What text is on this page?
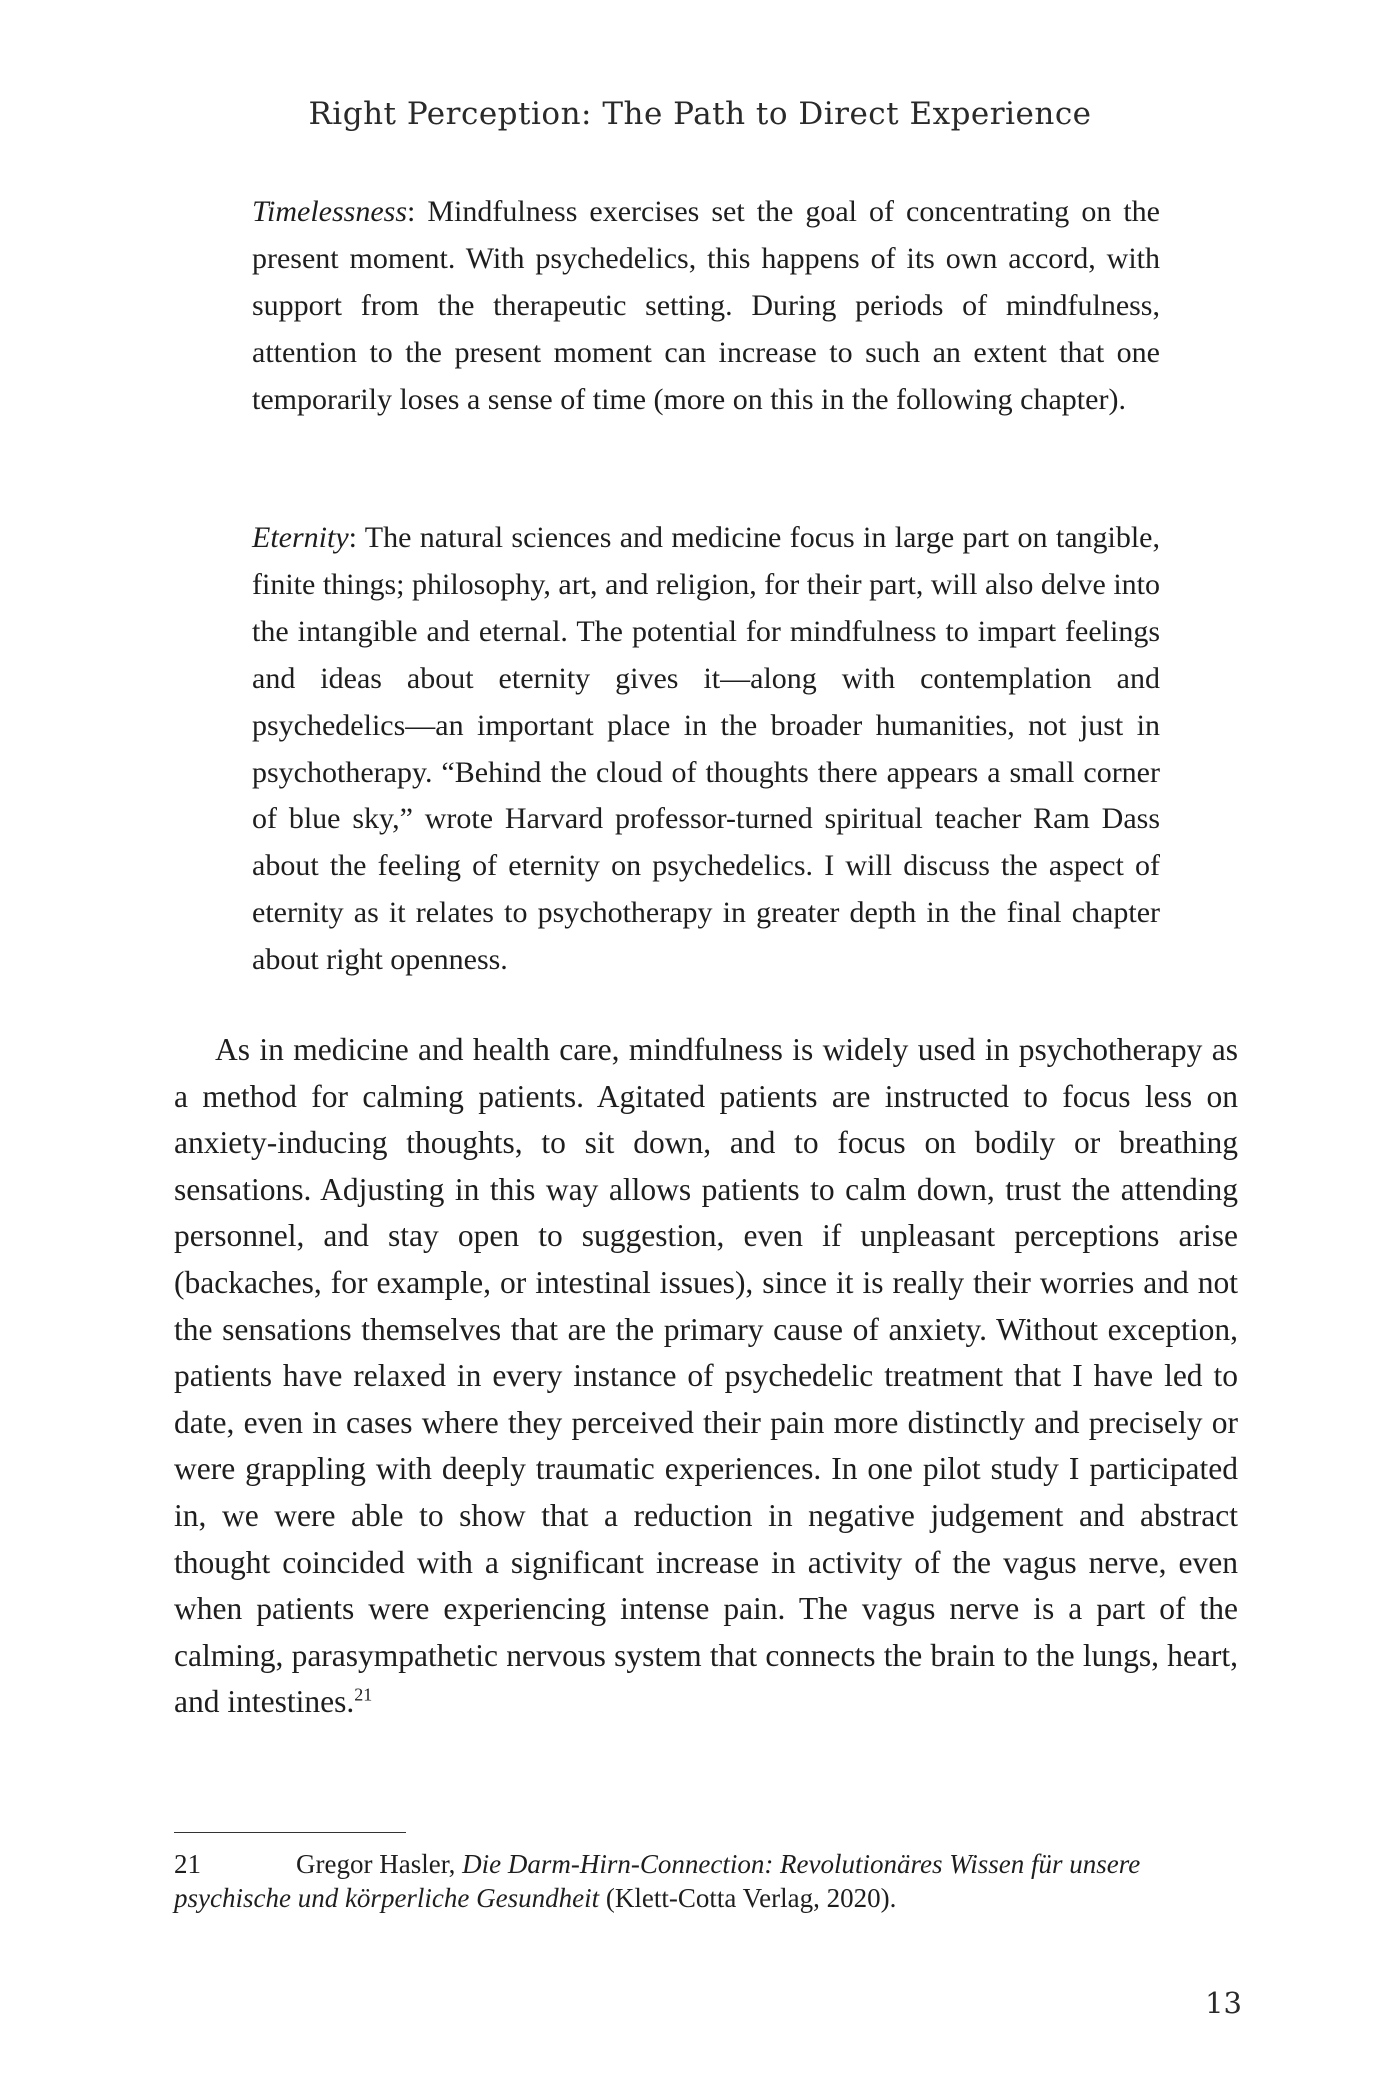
Right Perception: The Path to Direct Experience

Timelessness: Mindfulness exercises set the goal of concentrating on the present moment. With psychedelics, this happens of its own accord, with support from the therapeutic setting. During periods of mindfulness, attention to the present moment can increase to such an extent that one temporarily loses a sense of time (more on this in the following chapter).

Eternity: The natural sciences and medicine focus in large part on tangible, finite things; philosophy, art, and religion, for their part, will also delve into the intangible and eternal. The potential for mindfulness to impart feelings and ideas about eternity gives it—along with contemplation and psychedelics—an important place in the broader humanities, not just in psychotherapy. “Behind the cloud of thoughts there appears a small corner of blue sky,” wrote Harvard professor-turned spiritual teacher Ram Dass about the feeling of eternity on psychedelics. I will discuss the aspect of eternity as it relates to psychotherapy in greater depth in the final chapter about right openness.

As in medicine and health care, mindfulness is widely used in psychotherapy as a method for calming patients. Agitated patients are instructed to focus less on anxiety-inducing thoughts, to sit down, and to focus on bodily or breathing sensations. Adjusting in this way allows patients to calm down, trust the attending personnel, and stay open to suggestion, even if unpleasant perceptions arise (backaches, for example, or intestinal issues), since it is really their worries and not the sensations themselves that are the primary cause of anxiety. Without exception, patients have relaxed in every instance of psychedelic treatment that I have led to date, even in cases where they perceived their pain more distinctly and precisely or were grappling with deeply traumatic experiences. In one pilot study I participated in, we were able to show that a reduction in negative judgement and abstract thought coincided with a significant increase in activity of the vagus nerve, even when patients were experiencing intense pain. The vagus nerve is a part of the calming, parasympathetic nervous system that connects the brain to the lungs, heart, and intestines.$^{21}$

21	Gregor Hasler, Die Darm-Hirn-Connection: Revolutionäres Wissen für unsere psychische und körperliche Gesundheit (Klett-Cotta Verlag, 2020).

13
